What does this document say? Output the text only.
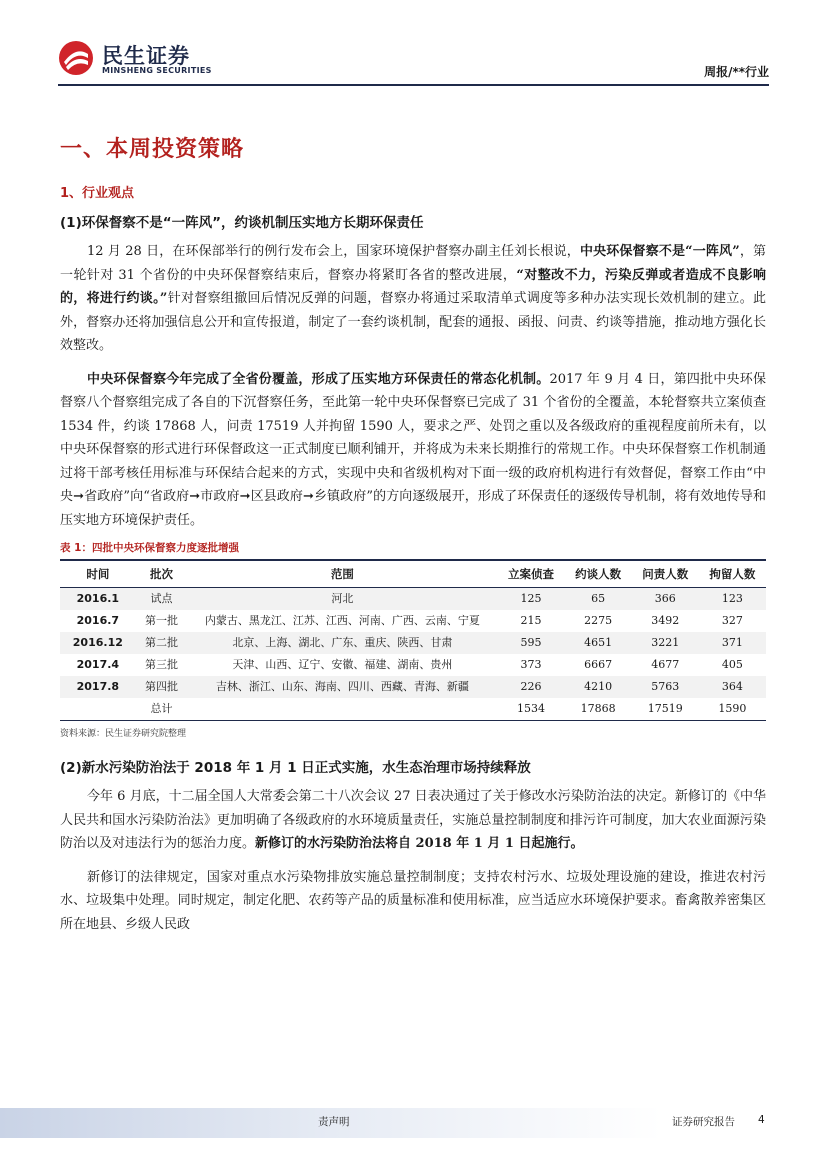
民生证券
MINSHENG SECURITIES	周报/**行业
一、本周投资策略
1、行业观点
(1)环保督察不是“一阵风”，约谈机制压实地方长期环保责任

12 月 28 日，在环保部举行的例行发布会上，国家环境保护督察办副主任刘长根说，中央环保督察不是“一阵风”，第一轮针对 31 个省份的中央环保督察结束后，督察办将紧盯各省的整改进展，“对整改不力，污染反弹或者造成不良影响的，将进行约谈。”针对督察组撤回后情况反弹的问题，督察办将通过采取清单式调度等多种办法实现长效机制的建立。此外，督察办还将加强信息公开和宣传报道，制定了一套约谈机制，配套的通报、函报、问责、约谈等措施，推动地方强化长效整改。

中央环保督察今年完成了全省份覆盖，形成了压实地方环保责任的常态化机制。2017 年 9 月 4 日，第四批中央环保督察八个督察组完成了各自的下沉督察任务，至此第一轮中央环保督察已完成了 31 个省份的全覆盖，本轮督察共立案侦查 1534 件，约谈 17868 人，问责 17519 人并拘留 1590 人，要求之严、处罚之重以及各级政府的重视程度前所未有，以中央环保督察的形式进行环保督政这一正式制度已顺利铺开，并将成为未来长期推行的常规工作。中央环保督察工作机制通过将干部考核任用标准与环保结合起来的方式，实现中央和省级机构对下面一级的政府机构进行有效督促，督察工作由“中央➞省政府”向“省政府➞市政府➞区县政府➞乡镇政府”的方向逐级展开，形成了环保责任的逐级传导机制，将有效地传导和压实地方环境保护责任。

表 1：四批中央环保督察力度逐批增强
时间	批次	范围	立案侦查	约谈人数	问责人数	拘留人数
2016.1	试点	河北	125	65	366	123
2016.7	第一批	内蒙古、黑龙江、江苏、江西、河南、广西、云南、宁夏	215	2275	3492	327
2016.12	第二批	北京、上海、湖北、广东、重庆、陕西、甘肃	595	4651	3221	371
2017.4	第三批	天津、山西、辽宁、安徽、福建、湖南、贵州	373	6667	4677	405
2017.8	第四批	吉林、浙江、山东、海南、四川、西藏、青海、新疆	226	4210	5763	364
	总计		1534	17868	17519	1590
资料来源：民生证券研究院整理
(2)新水污染防治法于 2018 年 1 月 1 日正式实施，水生态治理市场持续释放

今年 6 月底，十二届全国人大常委会第二十八次会议 27 日表决通过了关于修改水污染防治法的决定。新修订的《中华人民共和国水污染防治法》更加明确了各级政府的水环境质量责任，实施总量控制制度和排污许可制度，加大农业面源污染防治以及对违法行为的惩治力度。新修订的水污染防治法将自 2018 年 1 月 1 日起施行。

新修订的法律规定，国家对重点水污染物排放实施总量控制制度；支持农村污水、垃圾处理设施的建设，推进农村污水、垃圾集中处理。同时规定，制定化肥、农药等产品的质量标准和使用标准，应当适应水环境保护要求。畜禽散养密集区所在地县、乡级人民政

责声明	证券研究报告 4
